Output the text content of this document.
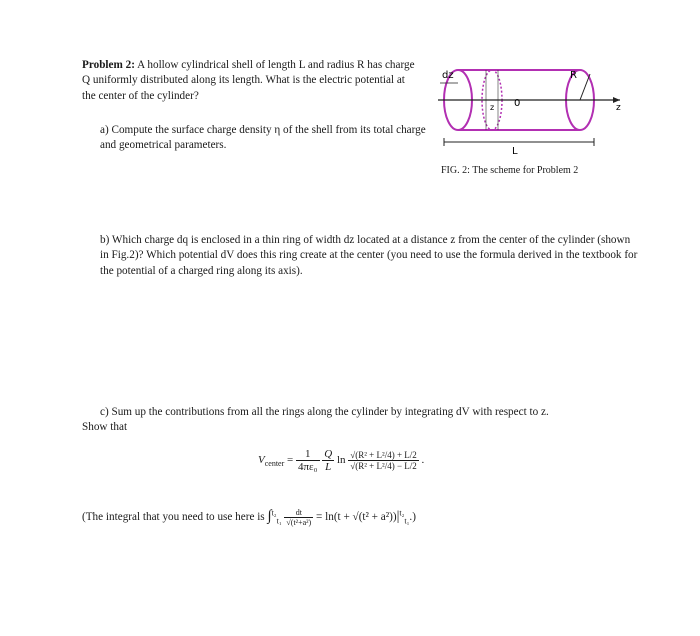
dz	R
z 0	z
L
FIG. 2: The scheme for Problem 2
Problem 2: A hollow cylindrical shell of length L and radius R has charge Q uniformly distributed along its length. What is the electric potential at the center of the cylinder?
a) Compute the surface charge density η of the shell from its total charge and geometrical parameters.
b) Which charge dq is enclosed in a thin ring of width dz located at a distance z from the center of the cylinder (shown in Fig.2)? Which potential dV does this ring create at the center (you need to use the formula derived in the textbook for the potential of a charged ring along its axis).
c) Sum up the contributions from all the rings along the cylinder by integrating dV with respect to z.
Show that
$V_{center} = \frac{1}{\text{4πε₀}}$
$\frac{Q}{L}$ $\ln \frac{\text{√(R² + L²/4) + L/2}}{\text{√(R² + L²/4) − L/2}}$ .
(The integral that you need to use here is $\int^{t_2}_{t_1} \frac{dt}{\text{√(t²+a²)}} = \ln(t + √(t^2 + a^2))|^{t_2}_{t_1}$.)
